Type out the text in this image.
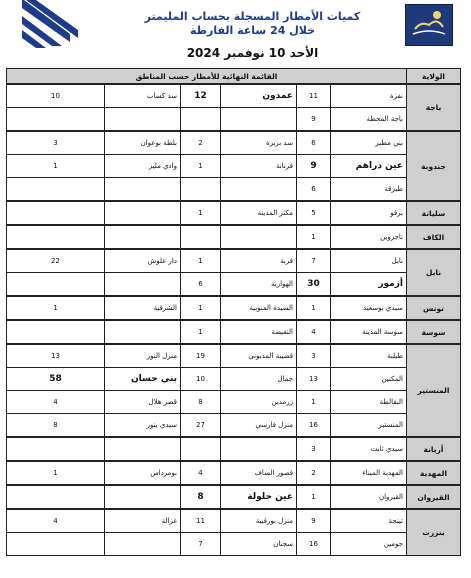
كميات الأمطار المسجلة بحساب المليمتر
خلال 24 ساعة الفارطة
الأحد 10 نوفمبر 2024
الولاية	القائمة النهائية للأمطار حسب المناطق					
باجة	نفزة	11	عمدون	12	سد كساب	10
	باجة المحطة	9				
جندوبة	بني مطير	6	سد بربرة	2	بلطة بوعوان	3
	عين دراهم	9	فرنانة	1	وادي مليز	1
	طبرقة	6				
سليانة	برقو	5	مكثر المدينة	1		
الكاف	تاجروين	1				
نابل	نابل	7	قربة	1	دار علوش	22
	أزمور	30	الهوارية	6		
تونس	سيدي بوسعيد	1	السيدة المنوبية	1	الشرقية	1
سوسة	سوسة المدينة	4	النفيضة	1		
المنستير	طبلبة	3	قصيبة المديوني	19	منزل النور	13
	المكنين	13	جمال	10	بني حسان	58
	البقالطة	1	زرمدين	8	قصر هلال	4
	المنستير	16	منزل فارسي	27	سيدي بنور	8
أريانة	سيدي ثابت	3				
المهدية	المهدية الميناء	2	قصور الساف	4	بومرداس	1
القيروان	القيروان	1	عين جلولة	8		
بنزرت	تينجة	9	منزل بورقيبة	11	غزالة	4
	جومين	16	سجنان	7		
